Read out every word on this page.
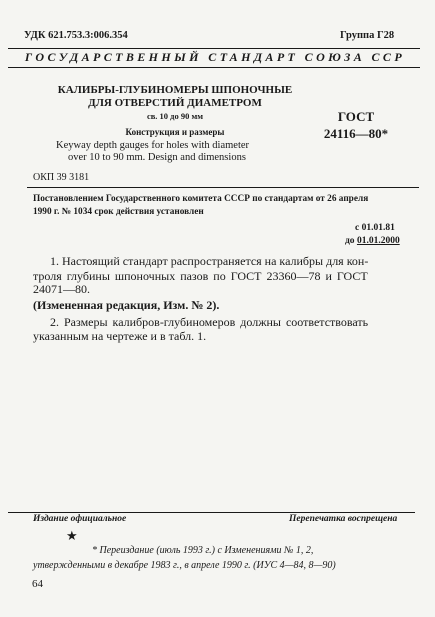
УДК 621.753.3:006.354	Группа Г28
ГОСУДАРСТВЕННЫЙ СТАНДАРТ СОЮЗА ССР
КАЛИБРЫ-ГЛУБИНОМЕРЫ ШПОНОЧНЫЕ
ДЛЯ ОТВЕРСТИЙ ДИАМЕТРОМ
св. 10 до 90 мм
Конструкция и размеры
Keyway depth gauges for holes with diameter
over 10 to 90 mm. Design and dimensions
ГОСТ
24116—80*
ОКП 39 3181
Постановлением Государственного комитета СССР по стандартам от 26 апреля
1990 г. № 1034 срок действия установлен
с 01.01.81
до 01.01.2000
1. Настоящий стандарт распространяется на калибры для кон-
троля глубины шпоночных пазов по ГОСТ 23360—78 и ГОСТ
24071—80.
(Измененная редакция, Изм. № 2).
2. Размеры калибров-глубиномеров должны соответствовать
указанным на чертеже и в табл. 1.
Издание официальное	Перепечатка воспрещена
★
* Переиздание (июль 1993 г.) с Изменениями № 1, 2,
утвержденными в декабре 1983 г., в апреле 1990 г. (ИУС 4—84, 8—90)
64
